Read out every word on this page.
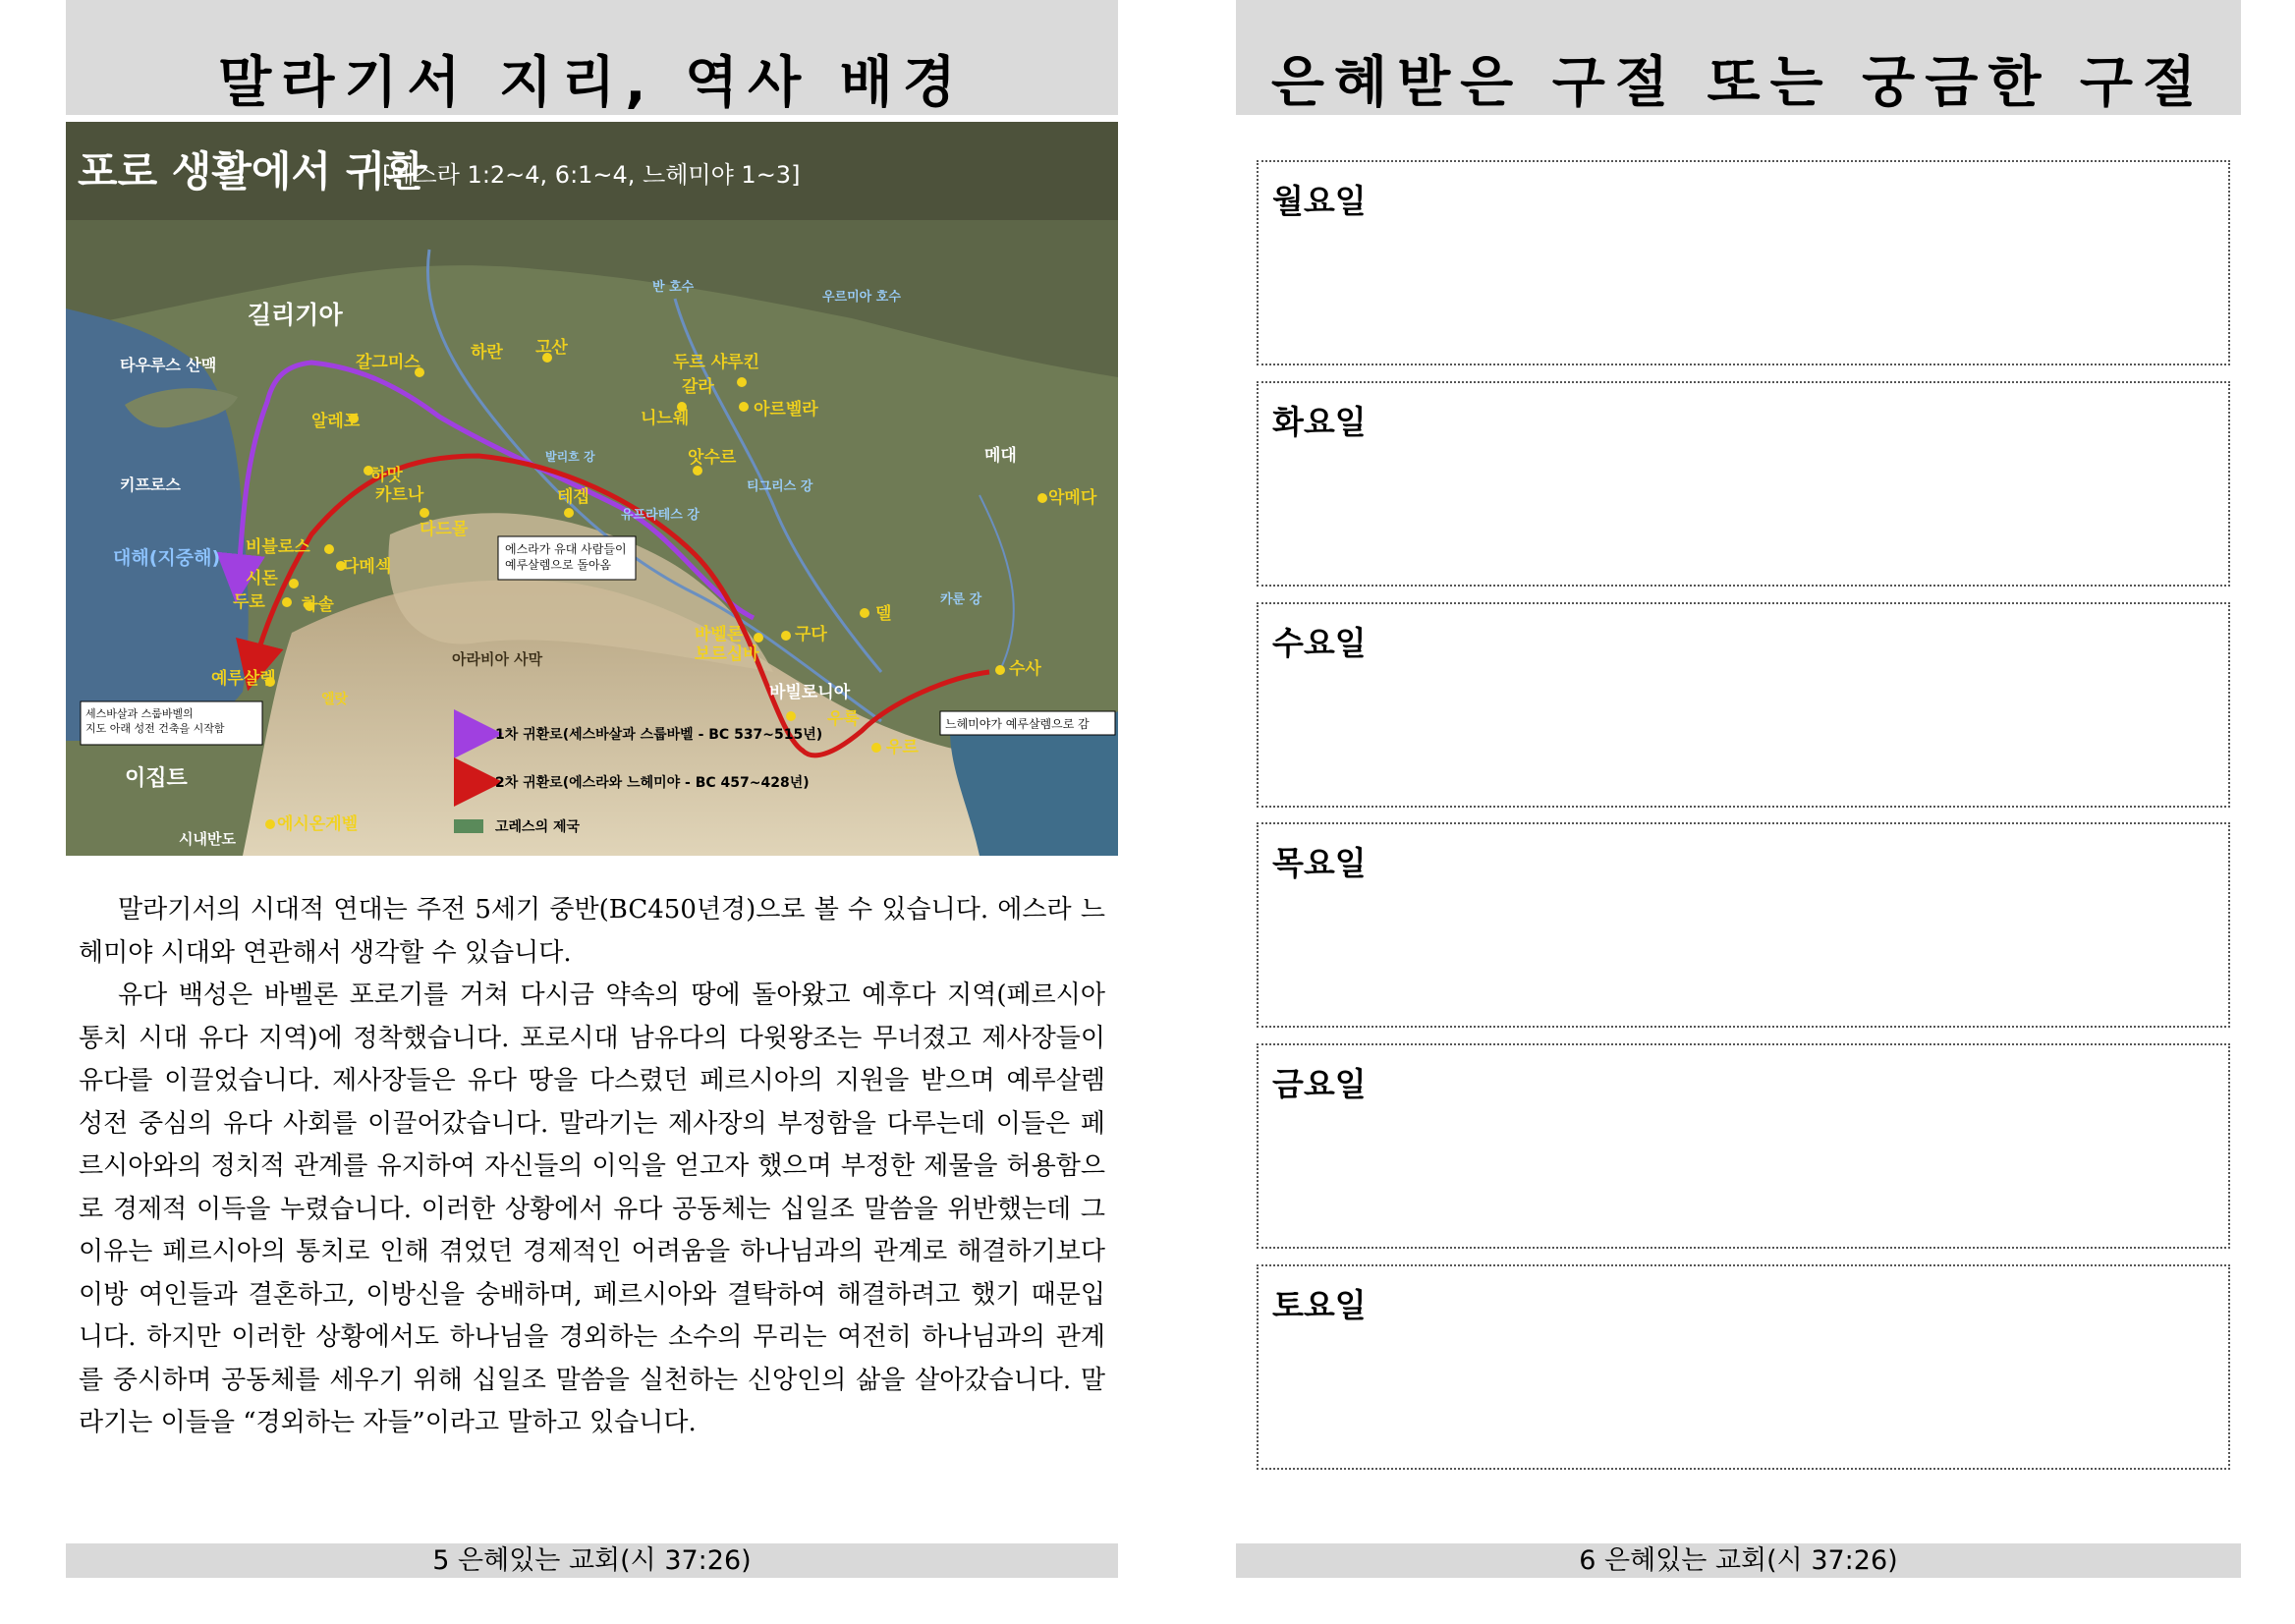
말라기서 지리, 역사 배경
포로 생활에서 귀환
[에스라 1:2~4, 6:1~4, 느헤미야 1~3]
길리기아
타우루스 산맥
키프로스
대해(지중해)
갈그미스	하란 고산
두르 샤루킨
갈라
니느웨	아르벨라
앗수르
알레포
하맛
카트나
다드몰
테겝
비블로스
시돈
두로
다메섹
하솔
예루살렘
엘랏
이집트
시내반도
에시온게벨
아라비아 사막
바벨론
보르십바
구다
바빌로니아
우룩
우르
델
수사
메대
악메다
반 호수
우르미아 호수
유프라테스 강
티그리스 강
카룬 강
발리흐 강
에스라가 유대 사람들이 예루살렘으로 돌아옴
느헤미야가 예루살렘으로 감
세스바살과 스룹바벨의 지도 아래 성전 건축을 시작함	1차 귀환로(세스바살과 스룹바벨 - BC 537~515년)
2차 귀환로(에스라와 느헤미야 - BC 457~428년)
고레스의 제국

말라기서의 시대적 연대는 주전 5세기 중반(BC450년경)으로 볼 수 있습니다. 에스라 느헤미야 시대와 연관해서 생각할 수 있습니다.

유다 백성은 바벨론 포로기를 거쳐 다시금 약속의 땅에 돌아왔고 예후다 지역(페르시아 통치 시대 유다 지역)에 정착했습니다. 포로시대 남유다의 다윗왕조는 무너졌고 제사장들이 유다를 이끌었습니다. 제사장들은 유다 땅을 다스렸던 페르시아의 지원을 받으며 예루살렘 성전 중심의 유다 사회를 이끌어갔습니다. 말라기는 제사장의 부정함을 다루는데 이들은 페르시아와의 정치적 관계를 유지하여 자신들의 이익을 얻고자 했으며 부정한 제물을 허용함으로 경제적 이득을 누렸습니다. 이러한 상황에서 유다 공동체는 십일조 말씀을 위반했는데 그 이유는 페르시아의 통치로 인해 겪었던 경제적인 어려움을 하나님과의 관계로 해결하기보다 이방 여인들과 결혼하고, 이방신을 숭배하며, 페르시아와 결탁하여 해결하려고 했기 때문입니다. 하지만 이러한 상황에서도 하나님을 경외하는 소수의 무리는 여전히 하나님과의 관계를 중시하며 공동체를 세우기 위해 십일조 말씀을 실천하는 신앙인의 삶을 살아갔습니다. 말라기는 이들을 “경외하는 자들”이라고 말하고 있습니다.

5 은혜있는 교회(시 37:26)
은혜받은 구절 또는 궁금한 구절
월요일
화요일
수요일
목요일
금요일
토요일
6 은혜있는 교회(시 37:26)
